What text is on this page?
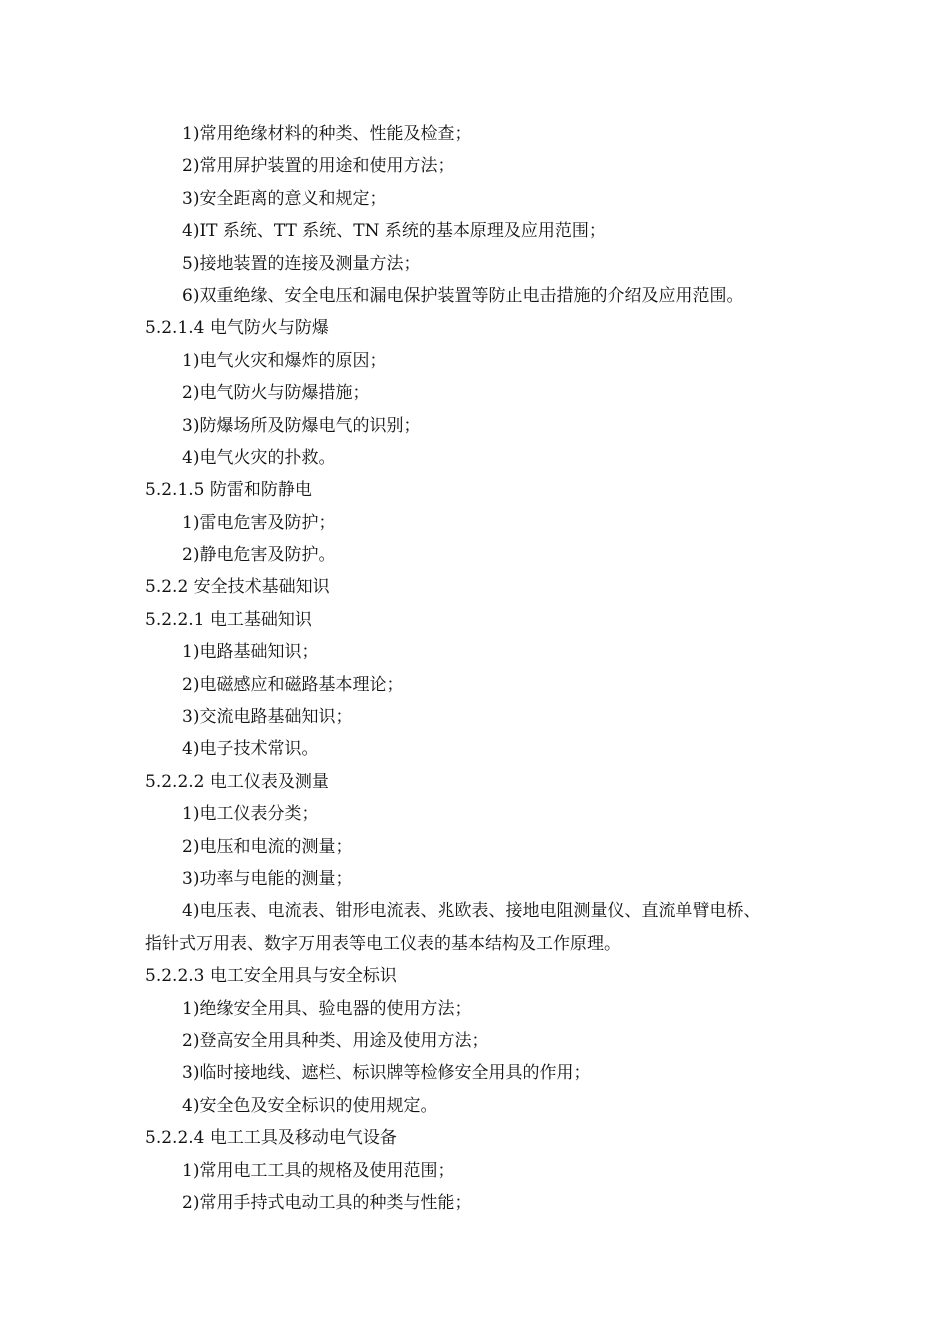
1)常用绝缘材料的种类、性能及检查；
2)常用屏护装置的用途和使用方法；
3)安全距离的意义和规定；
4)IT 系统、TT 系统、TN 系统的基本原理及应用范围；
5)接地装置的连接及测量方法；
6)双重绝缘、安全电压和漏电保护装置等防止电击措施的介绍及应用范围。
5.2.1.4 电气防火与防爆
1)电气火灾和爆炸的原因；
2)电气防火与防爆措施；
3)防爆场所及防爆电气的识别；
4)电气火灾的扑救。
5.2.1.5 防雷和防静电
1)雷电危害及防护；
2)静电危害及防护。
5.2.2 安全技术基础知识
5.2.2.1 电工基础知识
1)电路基础知识；
2)电磁感应和磁路基本理论；
3)交流电路基础知识；
4)电子技术常识。
5.2.2.2 电工仪表及测量
1)电工仪表分类；
2)电压和电流的测量；
3)功率与电能的测量；
4)电压表、电流表、钳形电流表、兆欧表、接地电阻测量仪、直流单臂电桥、
指针式万用表、数字万用表等电工仪表的基本结构及工作原理。
5.2.2.3 电工安全用具与安全标识
1)绝缘安全用具、验电器的使用方法；
2)登高安全用具种类、用途及使用方法；
3)临时接地线、遮栏、标识牌等检修安全用具的作用；
4)安全色及安全标识的使用规定。
5.2.2.4 电工工具及移动电气设备
1)常用电工工具的规格及使用范围；
2)常用手持式电动工具的种类与性能；
